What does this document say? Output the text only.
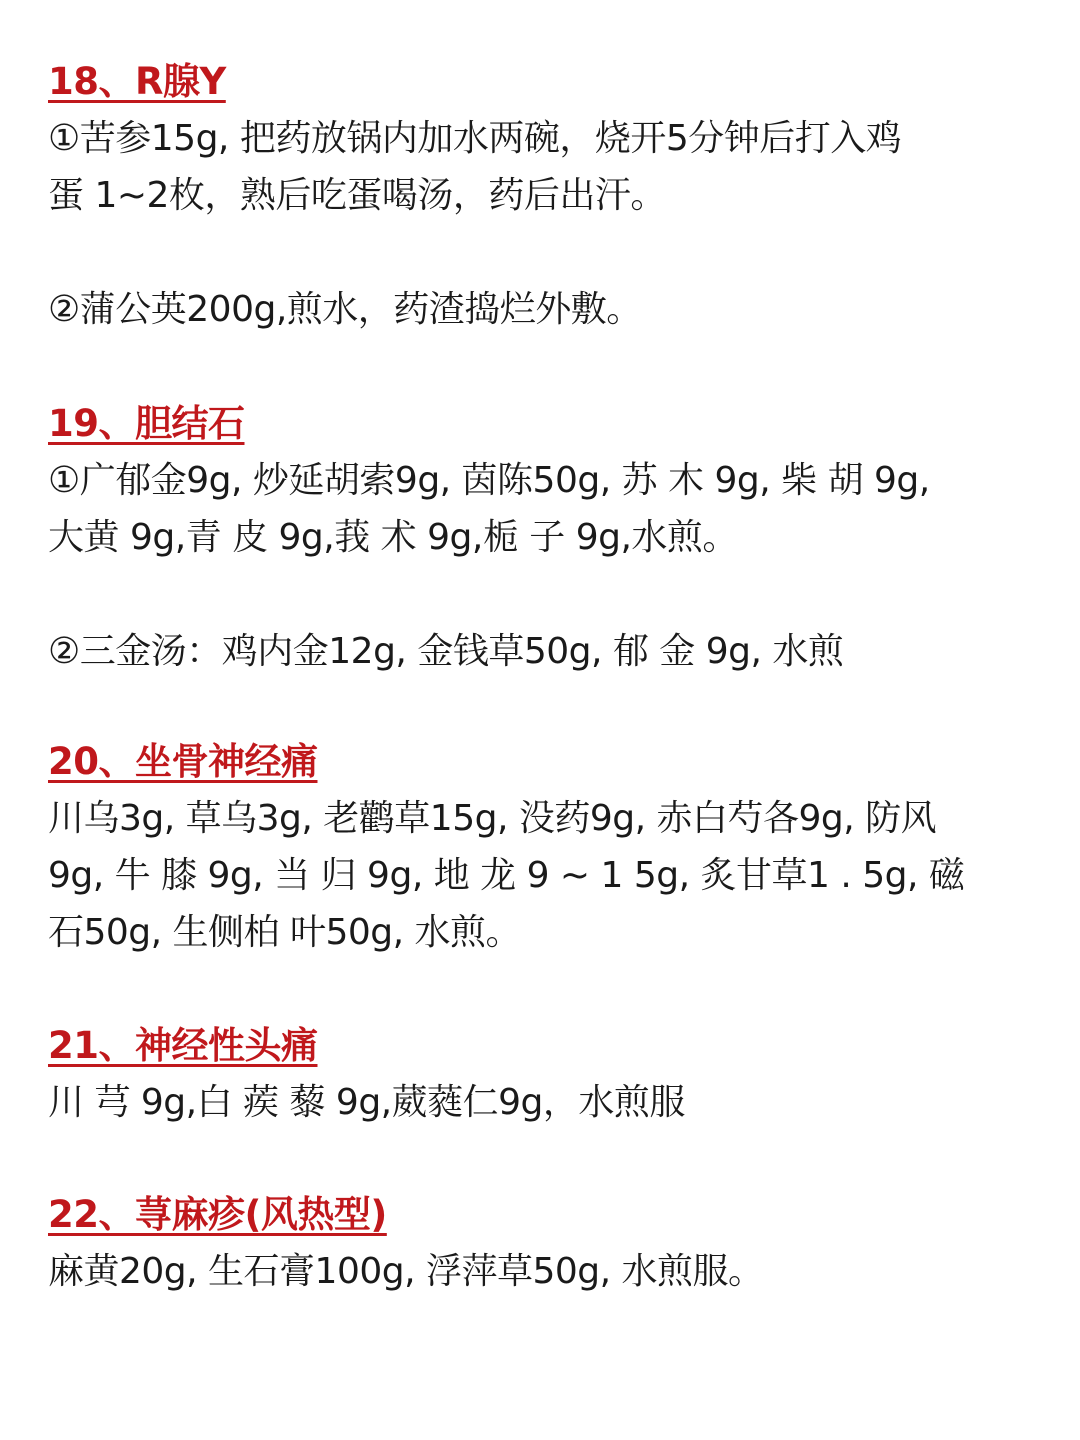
18、R腺Y

①苦参15g, 把药放锅内加水两碗，烧开5分钟后打入鸡

蛋 1~2枚，熟后吃蛋喝汤，药后出汗。

②蒲公英200g,煎水，药渣捣烂外敷。

19、胆结石

①广郁金9g, 炒延胡索9g, 茵陈50g, 苏 木 9g, 柴 胡 9g,

大黄 9g,青 皮 9g,莪 术 9g,栀 子 9g,水煎。

②三金汤：鸡内金12g, 金钱草50g, 郁 金 9g, 水煎

20、坐骨神经痛

川乌3g, 草乌3g, 老鹳草15g, 没药9g, 赤白芍各9g, 防风

9g, 牛 膝 9g, 当 归 9g, 地 龙 9 ~ 1 5g, 炙甘草1 . 5g, 磁

石50g, 生侧柏 叶50g, 水煎。

21、神经性头痛

川 芎 9g,白 蒺 藜 9g,葳蕤仁9g，水煎服

22、荨麻疹(风热型)

麻黄20g, 生石膏100g, 浮萍草50g, 水煎服。
